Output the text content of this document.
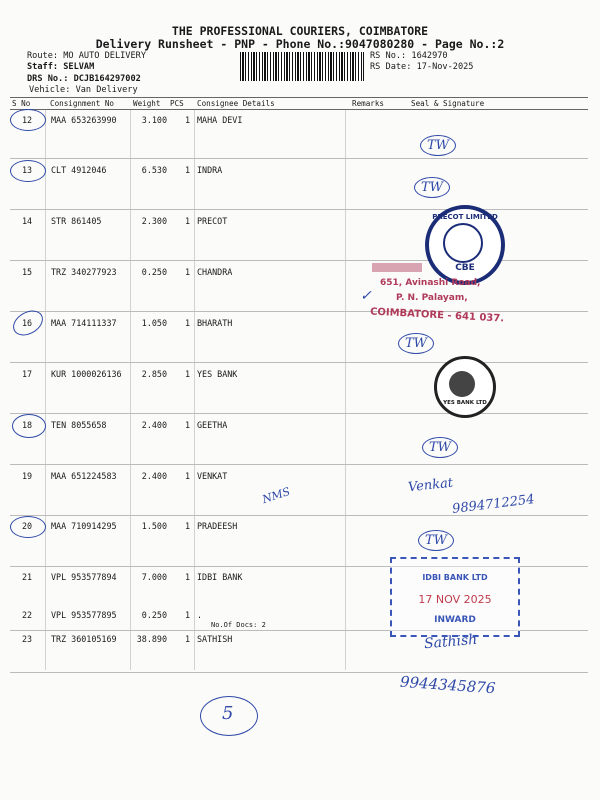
THE PROFESSIONAL COURIERS, COIMBATORE
Delivery Runsheet - PNP - Phone No.:9047080280 - Page No.:2
Route: MO AUTO DELIVERY
Staff: SELVAM
DRS No.: DCJB164297002
Vehicle: Van Delivery
RS No.: 1642970
RS Date: 17-Nov-2025
S No	Consignment No Weight PCS Consignee Details	Remarks	Seal & Signature
12 MAA 653263990	3.100	1 MAHA DEVI
13 CLT 4912046	6.530	1 INDRA
14 STR 861405	2.300	1 PRECOT
15 TRZ 340277923	0.250	1 CHANDRA
16 MAA 714111337	1.050	1 BHARATH
17 KUR 1000026136	2.850	1 YES BANK
18 TEN 8055658	2.400	1 GEETHA
19 MAA 651224583	2.400	1 VENKAT
20 MAA 710914295	1.500	1 PRADEESH
21 VPL 953577894	7.000	1 IDBI BANK
22 VPL 953577895	0.250	1 .
No.Of Docs: 2
23 TRZ 360105169	38.890	1 SATHISH
TW
TW
TW
TW
TW
PRECOT LIMITED
CBE
651, Avinashi Road,
P. N. Palayam,
COIMBATORE - 641 037.
✓
YES BANK LTD
Venkat
9894712254
NMS
IDBI BANK LTD
17 NOV 2025
INWARD
Sathish
9944345876
5
